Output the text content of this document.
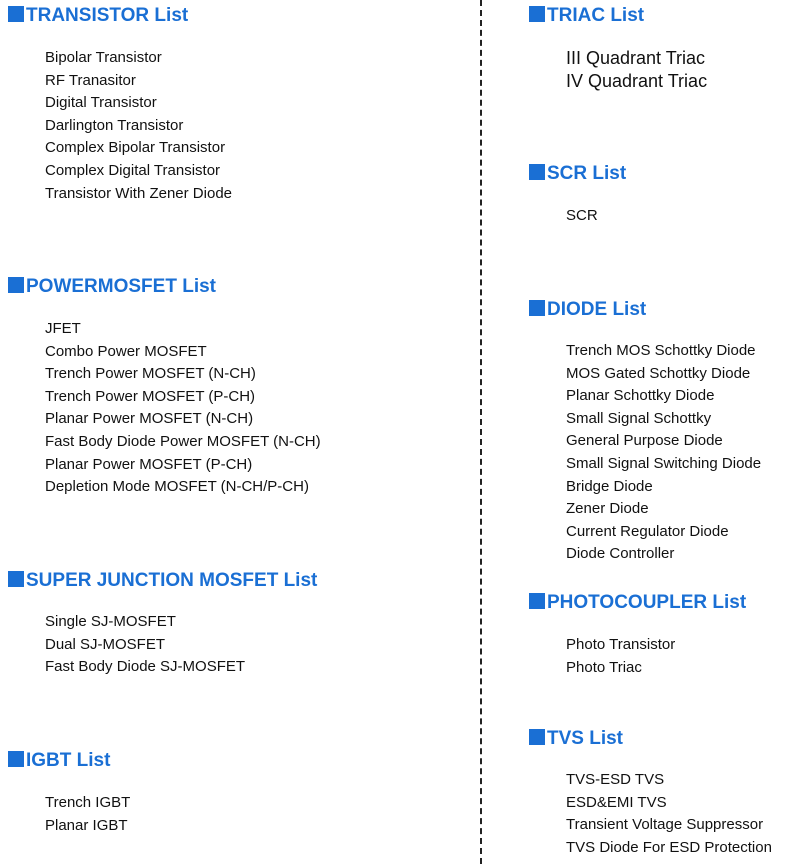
TRANSISTOR List
Bipolar Transistor
RF Tranasitor
Digital Transistor
Darlington Transistor
Complex Bipolar Transistor
Complex Digital Transistor
Transistor With Zener Diode
POWERMOSFET List
JFET
Combo Power MOSFET
Trench Power MOSFET (N-CH)
Trench Power MOSFET (P-CH)
Planar Power MOSFET (N-CH)
Fast Body Diode Power MOSFET (N-CH)
Planar Power MOSFET (P-CH)
Depletion Mode MOSFET (N-CH/P-CH)
SUPER JUNCTION MOSFET List
Single SJ-MOSFET
Dual SJ-MOSFET
Fast Body Diode SJ-MOSFET
IGBT List
Trench IGBT
Planar IGBT
TRIAC List
III Quadrant Triac
IV Quadrant Triac
SCR List
SCR
DIODE List
Trench MOS Schottky Diode
MOS Gated Schottky Diode
Planar Schottky Diode
Small Signal Schottky
General Purpose Diode
Small Signal Switching Diode
Bridge Diode
Zener Diode
Current Regulator Diode
Diode Controller
PHOTOCOUPLER List
Photo Transistor
Photo Triac
TVS List
TVS-ESD TVS
ESD&EMI TVS
Transient Voltage Suppressor
TVS Diode For ESD Protection
